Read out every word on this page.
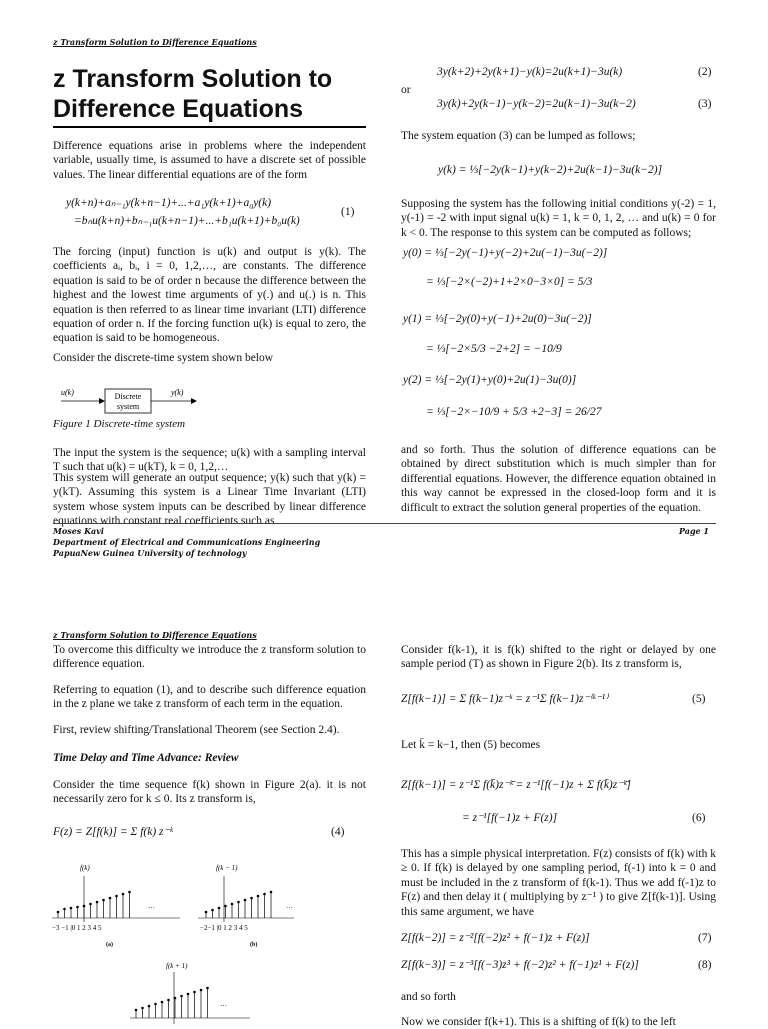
z Transform Solution to Difference Equations
z Transform Solution to
Difference Equations
Difference equations arise in problems where the independent variable, usually time, is assumed to have a discrete set of possible values. The linear differential equations are of the form
y(k+n)+aₙ₋₁y(k+n−1)+...+a₁y(k+1)+a₀y(k)
=bₙu(k+n)+bₙ₋₁u(k+n−1)+...+b₁u(k+1)+b₀u(k)
(1)
The forcing (input) function is u(k) and output is y(k). The coefficients aᵢ, bᵢ, i = 0, 1,2,…, are constants. The difference equation is said to be of order n because the difference between the highest and the lowest time arguments of y(.) and u(.) is n. This equation is then referred to as linear time invariant (LTI) difference equation of order n. If the forcing function u(k) is equal to zero, the equation is said to be homogeneous.
Consider the discrete-time system shown below
u(k)	Discrete
system
y(k)
Figure 1 Discrete-time system
The input the system is the sequence; u(k) with a sampling interval T such that u(k) = u(kT), k = 0, 1,2,…
This system will generate an output sequence; y(k) such that y(k) = y(kT). Assuming this system is a Linear Time Invariant (LTI) system whose system inputs can be described by linear difference equations with constant real coefficients such as
3y(k+2)+2y(k+1)−y(k)=2u(k+1)−3u(k)	(2)
or
3y(k)+2y(k−1)−y(k−2)=2u(k−1)−3u(k−2)	(3)
The system equation (3) can be lumped as follows;
y(k) = ⅓[−2y(k−1)+y(k−2)+2u(k−1)−3u(k−2)]
Supposing the system has the following initial conditions y(-2) = 1, y(-1) = -2 with input signal u(k) = 1, k = 0, 1, 2, … and u(k) = 0 for k < 0. The response to this system can be computed as follows;
y(0) = ⅓[−2y(−1)+y(−2)+2u(−1)−3u(−2)]
= ⅓[−2×(−2)+1+2×0−3×0] = 5/3
y(1) = ⅓[−2y(0)+y(−1)+2u(0)−3u(−2)]
= ⅓[−2×5/3 −2+2] = −10/9
y(2) = ⅓[−2y(1)+y(0)+2u(1)−3u(0)]
= ⅓[−2×−10/9 + 5/3 +2−3] = 26/27
and so forth. Thus the solution of difference equations can be obtained by direct substitution which is much simpler than for differential equations. However, the difference equation obtained in this way cannot be expressed in the closed-loop form and it is difficult to extract the solution general properties of the equation.
Moses Kavi
Department of Electrical and Communications Engineering
PapuaNew Guinea University of technology
Page 1
z Transform Solution to Difference Equations
To overcome this difficulty we introduce the z transform solution to difference equation.
Referring to equation (1), and to describe such difference equation in the z plane we take z transform of each term in the equation.
First, review shifting/Translational Theorem (see Section 2.4).
Time Delay and Time Advance: Review
Consider the time sequence f(k) shown in Figure 2(a). it is not necessarily zero for k ≤ 0. Its z transform is,
F(z) = Z[f(k)] = Σ f(k) z⁻ᵏ	(4)
f(k)
…
−3 −1 |0 1 2 3 4 5
(a)
f(k − 1)
…
−2−1 |0 1 2 3 4 5
(b)
f(k + 1)
…
Consider f(k-1), it is f(k) shifted to the right or delayed by one sample period (T) as shown in Figure 2(b). Its z transform is,
Z[f(k−1)] = Σ f(k−1)z⁻ᵏ = z⁻¹Σ f(k−1)z⁻⁽ᵏ⁻¹⁾	(5)
Let k̄ = k−1, then (5) becomes
Z[f(k−1)] = z⁻¹Σ f(k̄)z⁻ᵏ̄ = z⁻¹[f(−1)z + Σ f(k̄)z⁻ᵏ̄]
(6)
= z⁻¹[f(−1)z + F(z)]
This has a simple physical interpretation. F(z) consists of f(k) with k ≥ 0. If f(k) is delayed by one sampling period, f(-1) into k = 0 and must be included in the z transform of f(k-1). Thus we add f(-1)z to F(z) and then delay it ( multiplying by z⁻¹ ) to give Z[f(k-1)]. Using this same argument, we have
Z[f(k−2)] = z⁻²[f(−2)z² + f(−1)z + F(z)]	(7)
Z[f(k−3)] = z⁻³[f(−3)z³ + f(−2)z² + f(−1)z¹ + F(z)]	(8)
and so forth
Now we consider f(k+1). This is a shifting of f(k) to the left
